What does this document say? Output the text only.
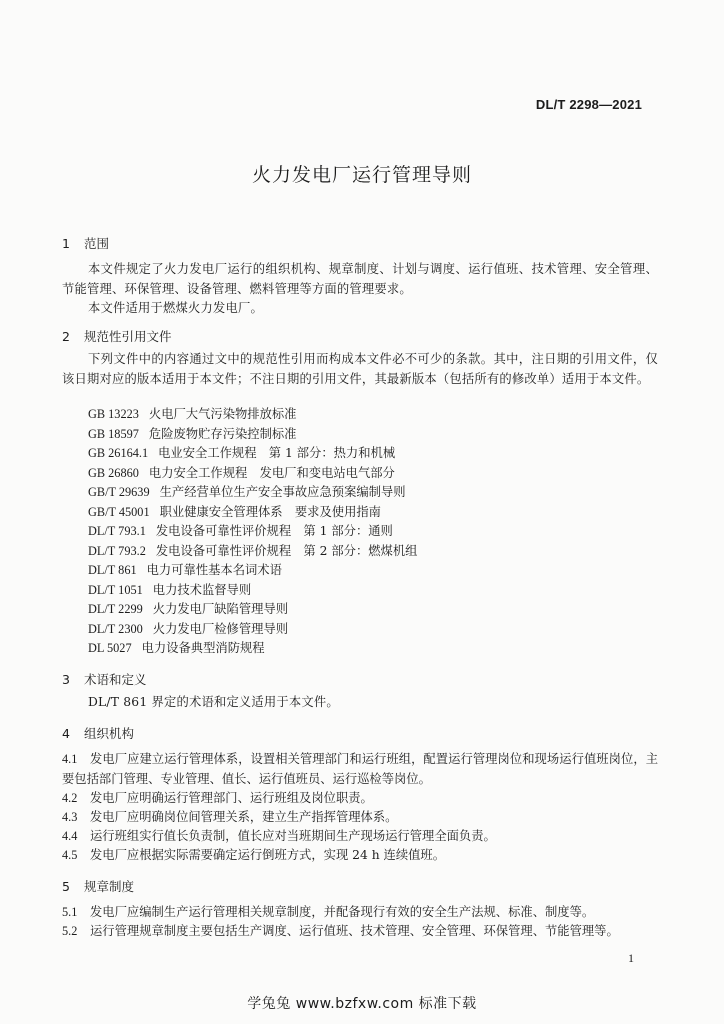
DL/T 2298—2021
火力发电厂运行管理导则
1 范围
本文件规定了火力发电厂运行的组织机构、规章制度、计划与调度、运行值班、技术管理、安全管理、节能管理、环保管理、设备管理、燃料管理等方面的管理要求。
本文件适用于燃煤火力发电厂。
2 规范性引用文件
下列文件中的内容通过文中的规范性引用而构成本文件必不可少的条款。其中，注日期的引用文件，仅该日期对应的版本适用于本文件；不注日期的引用文件，其最新版本（包括所有的修改单）适用于本文件。
GB 13223 火电厂大气污染物排放标准
GB 18597 危险废物贮存污染控制标准
GB 26164.1 电业安全工作规程　第 1 部分：热力和机械
GB 26860 电力安全工作规程　发电厂和变电站电气部分
GB/T 29639 生产经营单位生产安全事故应急预案编制导则
GB/T 45001 职业健康安全管理体系　要求及使用指南
DL/T 793.1 发电设备可靠性评价规程　第 1 部分：通则
DL/T 793.2 发电设备可靠性评价规程　第 2 部分：燃煤机组
DL/T 861 电力可靠性基本名词术语
DL/T 1051 电力技术监督导则
DL/T 2299 火力发电厂缺陷管理导则
DL/T 2300 火力发电厂检修管理导则
DL 5027 电力设备典型消防规程
3 术语和定义
DL/T 861 界定的术语和定义适用于本文件。
4 组织机构
4.1 发电厂应建立运行管理体系，设置相关管理部门和运行班组，配置运行管理岗位和现场运行值班岗位，主要包括部门管理、专业管理、值长、运行值班员、运行巡检等岗位。
4.2 发电厂应明确运行管理部门、运行班组及岗位职责。
4.3 发电厂应明确岗位间管理关系，建立生产指挥管理体系。
4.4 运行班组实行值长负责制，值长应对当班期间生产现场运行管理全面负责。
4.5 发电厂应根据实际需要确定运行倒班方式，实现 24 h 连续值班。
5 规章制度
5.1 发电厂应编制生产运行管理相关规章制度，并配备现行有效的安全生产法规、标准、制度等。
5.2 运行管理规章制度主要包括生产调度、运行值班、技术管理、安全管理、环保管理、节能管理等。
1
学兔兔 www.bzfxw.com 标准下载
